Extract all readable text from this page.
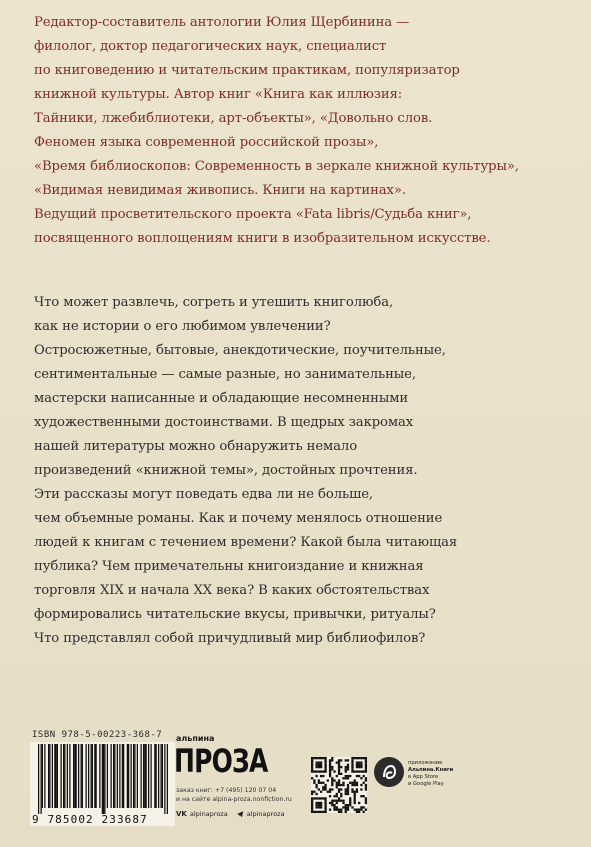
Редактор-составитель антологии Юлия Щербинина —
филолог, доктор педагогических наук, специалист
по книговедению и читательским практикам, популяризатор
книжной культуры. Автор книг «Книга как иллюзия:
Тайники, лжебиблиотеки, арт-объекты», «Довольно слов.
Феномен языка современной российской прозы»,
«Время библиоскопов: Современность в зеркале книжной культуры»,
«Видимая невидимая живопись. Книги на картинах».
Ведущий просветительского проекта «Fata libris/Судьба книг»,
посвященного воплощениям книги в изобразительном искусстве.
Что может развлечь, согреть и утешить книголюба,
как не истории о его любимом увлечении?
Остросюжетные, бытовые, анекдотические, поучительные,
сентиментальные — самые разные, но занимательные,
мастерски написанные и обладающие несомненными
художественными достоинствами. В щедрых закромах
нашей литературы можно обнаружить немало
произведений «книжной темы», достойных прочтения.
Эти рассказы могут поведать едва ли не больше,
чем объемные романы. Как и почему менялось отношение
людей к книгам с течением времени? Какой была читающая
публика? Чем примечательны книгоиздание и книжная
торговля XIX и начала XX века? В каких обстоятельствах
формировались читательские вкусы, привычки, ритуалы?
Что представлял собой причудливый мир библиофилов?
ISBN 978-5-00223-368-7
9 785002 233687
альпина
ПРОЗА
заказ книг: +7 (495) 120 07 04
и на сайте alpina-proza.nonfiction.ru
VK alpinaproza	alpinaproza
приложение
Альпина.Книги
в App Store
и Google Play
